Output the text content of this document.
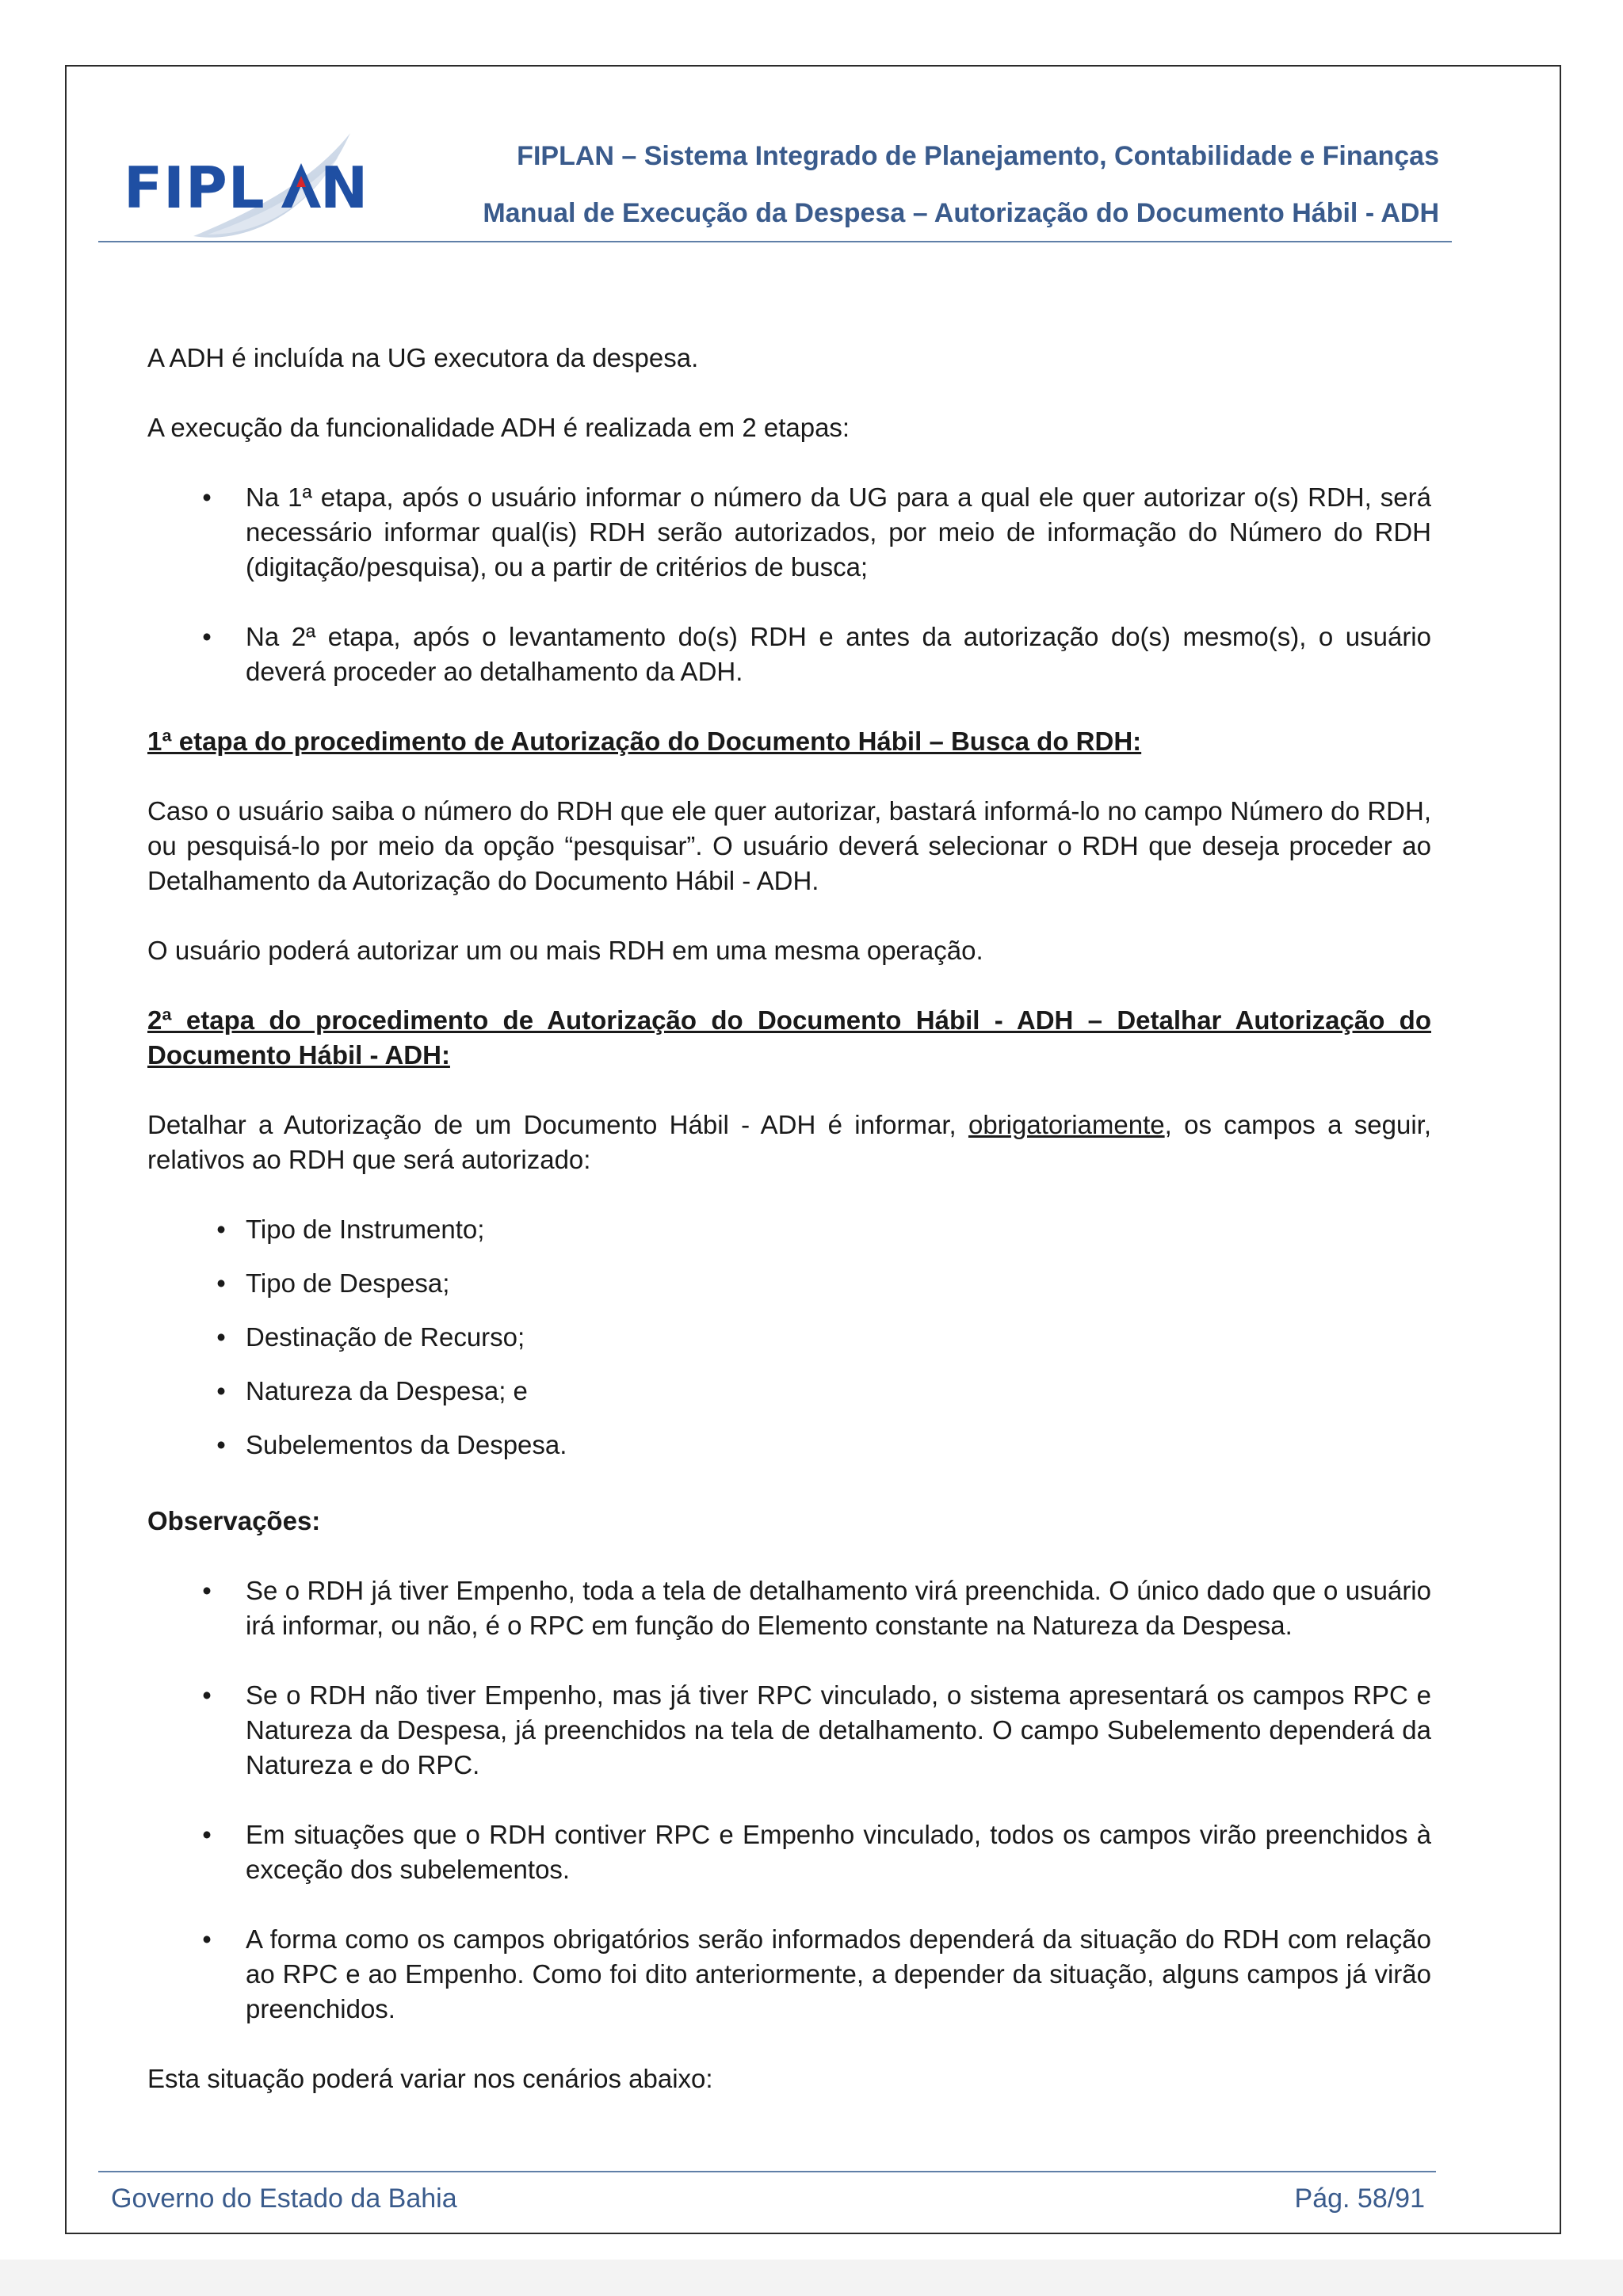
FIPL N	FIPLAN – Sistema Integrado de Planejamento, Contabilidade e Finanças

Manual de Execução da Despesa – Autorização do Documento Hábil - ADH

A ADH é incluída na UG executora da despesa.

A execução da funcionalidade ADH é realizada em 2 etapas:

• Na 1ª etapa, após o usuário informar o número da UG para a qual ele quer autorizar o(s) RDH, será necessário informar qual(is) RDH serão autorizados, por meio de informação do Número do RDH (digitação/pesquisa), ou a partir de critérios de busca;
• Na 2ª etapa, após o levantamento do(s) RDH e antes da autorização do(s) mesmo(s), o usuário deverá proceder ao detalhamento da ADH.

1ª etapa do procedimento de Autorização do Documento Hábil – Busca do RDH:

Caso o usuário saiba o número do RDH que ele quer autorizar, bastará informá-lo no campo Número do RDH, ou pesquisá-lo por meio da opção “pesquisar”. O usuário deverá selecionar o RDH que deseja proceder ao Detalhamento da Autorização do Documento Hábil - ADH.

O usuário poderá autorizar um ou mais RDH em uma mesma operação.

2ª etapa do procedimento de Autorização do Documento Hábil - ADH – Detalhar Autorização do Documento Hábil - ADH:

Detalhar a Autorização de um Documento Hábil - ADH é informar, obrigatoriamente, os campos a seguir, relativos ao RDH que será autorizado:

• Tipo de Instrumento;
• Tipo de Despesa;
• Destinação de Recurso;
• Natureza da Despesa; e
• Subelementos da Despesa.

Observações:

• Se o RDH já tiver Empenho, toda a tela de detalhamento virá preenchida. O único dado que o usuário irá informar, ou não, é o RPC em função do Elemento constante na Natureza da Despesa.
• Se o RDH não tiver Empenho, mas já tiver RPC vinculado, o sistema apresentará os campos RPC e Natureza da Despesa, já preenchidos na tela de detalhamento. O campo Subelemento dependerá da Natureza e do RPC.
• Em situações que o RDH contiver RPC e Empenho vinculado, todos os campos virão preenchidos à exceção dos subelementos.
• A forma como os campos obrigatórios serão informados dependerá da situação do RDH com relação ao RPC e ao Empenho. Como foi dito anteriormente, a depender da situação, alguns campos já virão preenchidos.

Esta situação poderá variar nos cenários abaixo:

Governo do Estado da Bahia	Pág. 58/91
